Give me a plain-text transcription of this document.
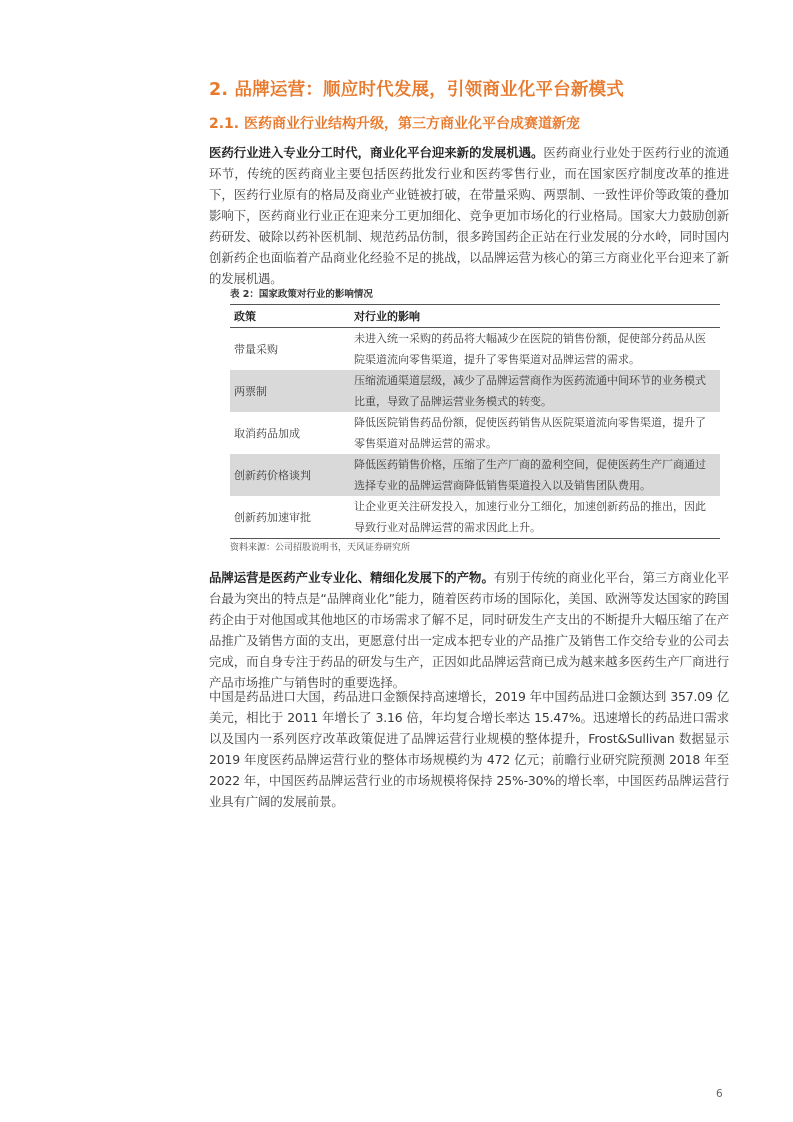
2. 品牌运营：顺应时代发展，引领商业化平台新模式
2.1. 医药商业行业结构升级，第三方商业化平台成赛道新宠
医药行业进入专业分工时代，商业化平台迎来新的发展机遇。医药商业行业处于医药行业的流通环节，传统的医药商业主要包括医药批发行业和医药零售行业，而在国家医疗制度改革的推进下，医药行业原有的格局及商业产业链被打破，在带量采购、两票制、一致性评价等政策的叠加影响下，医药商业行业正在迎来分工更加细化、竞争更加市场化的行业格局。国家大力鼓励创新药研发、破除以药补医机制、规范药品仿制，很多跨国药企正站在行业发展的分水岭，同时国内创新药企也面临着产品商业化经验不足的挑战，以品牌运营为核心的第三方商业化平台迎来了新的发展机遇。
表 2：国家政策对行业的影响情况
政策	对行业的影响
带量采购	未进入统一采购的药品将大幅减少在医院的销售份额，促使部分药品从医院渠道流向零售渠道，提升了零售渠道对品牌运营的需求。
两票制	压缩流通渠道层级，减少了品牌运营商作为医药流通中间环节的业务模式比重，导致了品牌运营业务模式的转变。
取消药品加成	降低医院销售药品份额，促使医药销售从医院渠道流向零售渠道，提升了零售渠道对品牌运营的需求。
创新药价格谈判	降低医药销售价格，压缩了生产厂商的盈利空间，促使医药生产厂商通过选择专业的品牌运营商降低销售渠道投入以及销售团队费用。
创新药加速审批	让企业更关注研发投入，加速行业分工细化，加速创新药品的推出，因此导致行业对品牌运营的需求因此上升。
资料来源：公司招股说明书，天风证券研究所
品牌运营是医药产业专业化、精细化发展下的产物。有别于传统的商业化平台，第三方商业化平台最为突出的特点是“品牌商业化”能力，随着医药市场的国际化，美国、欧洲等发达国家的跨国药企由于对他国或其他地区的市场需求了解不足，同时研发生产支出的不断提升大幅压缩了在产品推广及销售方面的支出，更愿意付出一定成本把专业的产品推广及销售工作交给专业的公司去完成，而自身专注于药品的研发与生产，正因如此品牌运营商已成为越来越多医药生产厂商进行产品市场推广与销售时的重要选择。
中国是药品进口大国，药品进口金额保持高速增长，2019 年中国药品进口金额达到 357.09 亿美元，相比于 2011 年增长了 3.16 倍，年均复合增长率达 15.47%。迅速增长的药品进口需求以及国内一系列医疗改革政策促进了品牌运营行业规模的整体提升，Frost&Sullivan 数据显示 2019 年度医药品牌运营行业的整体市场规模约为 472 亿元；前瞻行业研究院预测 2018 年至 2022 年，中国医药品牌运营行业的市场规模将保持 25%-30%的增长率，中国医药品牌运营行业具有广阔的发展前景。
6
